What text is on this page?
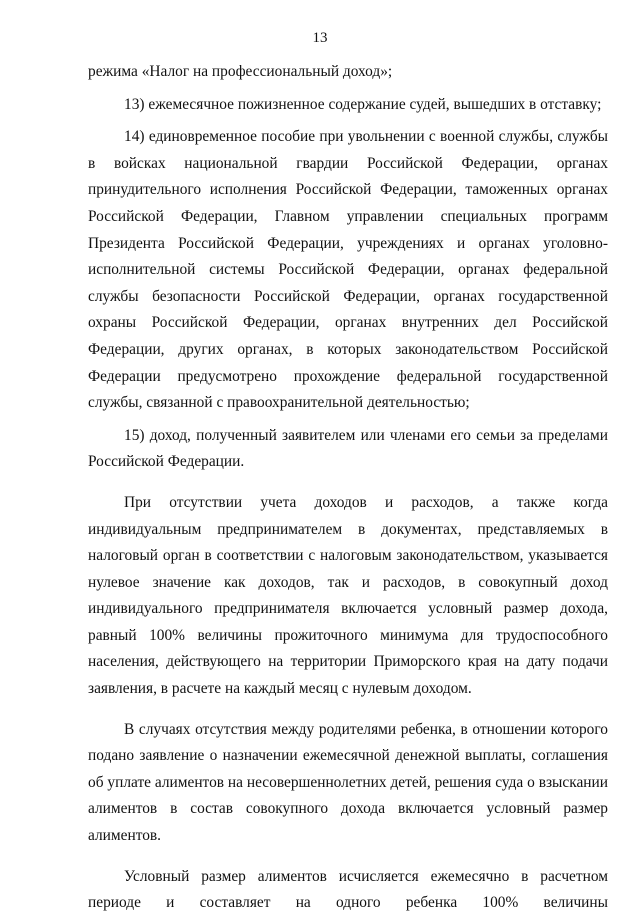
13

режима «Налог на профессиональный доход»;

13) ежемесячное пожизненное содержание судей, вышедших в отставку;

14) единовременное пособие при увольнении с военной службы, службы в войсках национальной гвардии Российской Федерации, органах принудительного исполнения Российской Федерации, таможенных органах Российской Федерации, Главном управлении специальных программ Президента Российской Федерации, учреждениях и органах уголовно-исполнительной системы Российской Федерации, органах федеральной службы безопасности Российской Федерации, органах государственной охраны Российской Федерации, органах внутренних дел Российской Федерации, других органах, в которых законодательством Российской Федерации предусмотрено прохождение федеральной государственной службы, связанной с правоохранительной деятельностью;

15) доход, полученный заявителем или членами его семьи за пределами Российской Федерации.

При отсутствии учета доходов и расходов, а также когда индивидуальным предпринимателем в документах, представляемых в налоговый орган в соответствии с налоговым законодательством, указывается нулевое значение как доходов, так и расходов, в совокупный доход индивидуального предпринимателя включается условный размер дохода, равный 100% величины прожиточного минимума для трудоспособного населения, действующего на территории Приморского края на дату подачи заявления, в расчете на каждый месяц с нулевым доходом.

В случаях отсутствия между родителями ребенка, в отношении которого подано заявление о назначении ежемесячной денежной выплаты, соглашения об уплате алиментов на несовершеннолетних детей, решения суда о взыскании алиментов в состав совокупного дохода включается условный размер алиментов.

Условный размер алиментов исчисляется ежемесячно в расчетном периоде и составляет на одного ребенка 100% величины
